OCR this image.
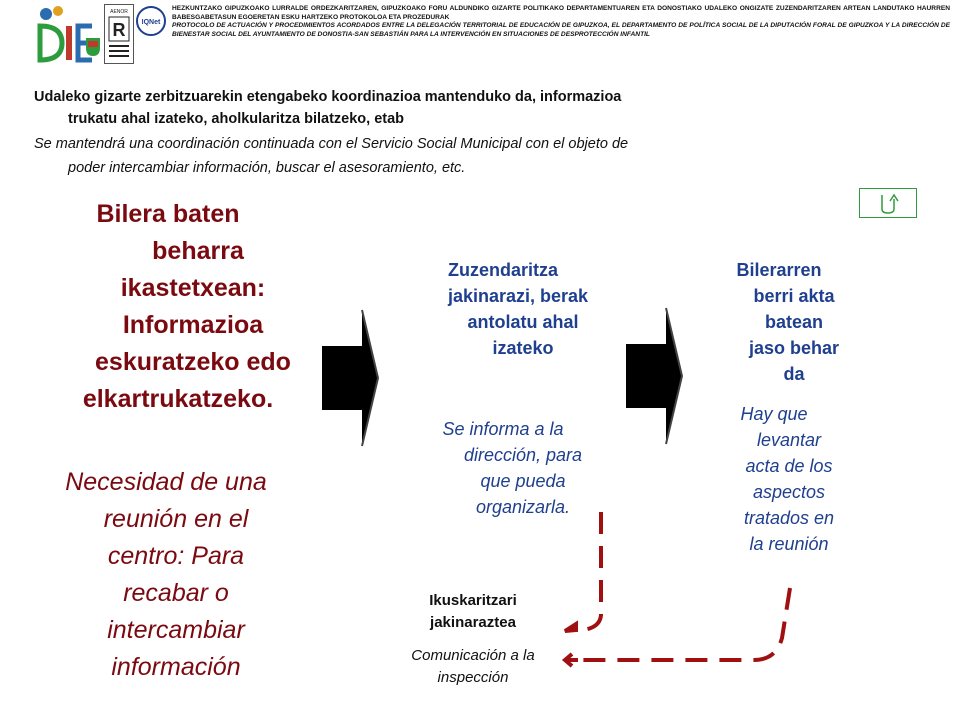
AENOR
R IQNet
HEZKUNTZAKO GIPUZKOAKO LURRALDE ORDEZKARITZAREN, GIPUZKOAKO FORU ALDUNDIKO GIZARTE POLITIKAKO DEPARTAMENTUAREN ETA DONOSTIAKO UDALEKO ONGIZATE ZUZENDARITZAREN ARTEAN LANDUTAKO HAURREN BABESGABETASUN EGOERETAN ESKU HARTZEKO PROTOKOLOA ETA PROZEDURAK
PROTOCOLO DE ACTUACIÓN Y PROCEDIMIENTOS ACORDADOS ENTRE LA DELEGACIÓN TERRITORIAL DE EDUCACIÓN DE GIPUZKOA, EL DEPARTAMENTO DE POLÍTICA SOCIAL DE LA DIPUTACIÓN FORAL DE GIPUZKOA Y LA DIRECCIÓN DE BIENESTAR SOCIAL DEL AYUNTAMIENTO DE DONOSTIA-SAN SEBASTIÁN PARA LA INTERVENCIÓN EN SITUACIONES DE DESPROTECCIÓN INFANTIL
Udaleko gizarte zerbitzuarekin etengabeko koordinazioa mantenduko da, informazioa
trukatu ahal izateko, aholkularitza bilatzeko, etab
Se mantendrá una coordinación continuada con el Servicio Social Municipal con el objeto de
poder intercambiar información, buscar el asesoramiento, etc.
Bilera baten
beharra
ikastetxean:
Informazioa
eskuratzeko edo
elkartrukatzeko.
Necesidad de una
reunión en el
centro: Para
recabar o
intercambiar
información
Zuzendaritza
jakinarazi, berak
antolatu ahal
izateko
Se informa a la
dirección, para
que pueda
organizarla.
Bilerarren
berri akta
batean
jaso behar
da
Hay que
levantar
acta de los
aspectos
tratados en
la reunión
Ikuskaritzari
jakinaraztea
Comunicación a la
inspección
